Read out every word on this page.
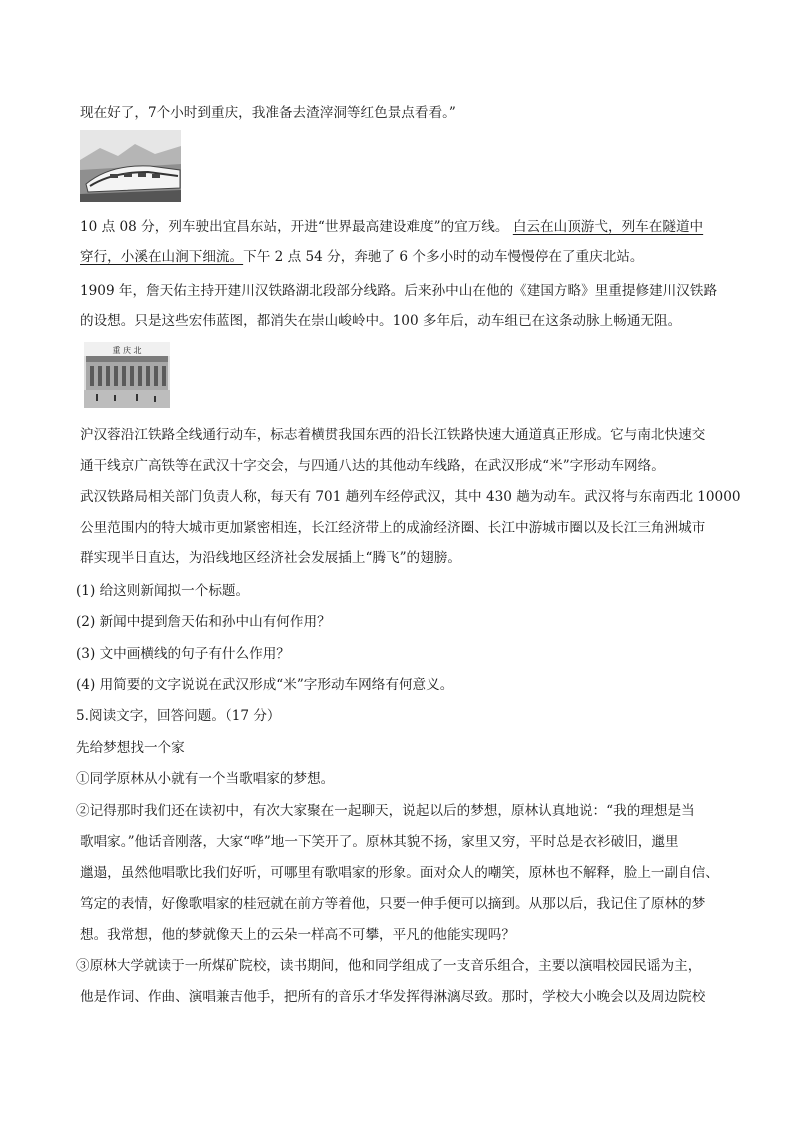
现在好了，7个小时到重庆，我准备去渣滓洞等红色景点看看。”
10 点 08 分，列车驶出宜昌东站，开进“世界最高建设难度”的宜万线。 白云在山顶游弋，列车在隧道中
穿行，小溪在山涧下细流。下午 2 点 54 分，奔驰了 6 个多小时的动车慢慢停在了重庆北站。
1909 年，詹天佑主持开建川汉铁路湖北段部分线路。后来孙中山在他的《建国方略》里重提修建川汉铁路
的设想。只是这些宏伟蓝图，都消失在崇山峻岭中。100 多年后，动车组已在这条动脉上畅通无阻。
重 庆 北
沪汉蓉沿江铁路全线通行动车，标志着横贯我国东西的沿长江铁路快速大通道真正形成。它与南北快速交
通干线京广高铁等在武汉十字交会，与四通八达的其他动车线路，在武汉形成“米”字形动车网络。
武汉铁路局相关部门负责人称，每天有 701 趟列车经停武汉，其中 430 趟为动车。武汉将与东南西北 10000
公里范围内的特大城市更加紧密相连，长江经济带上的成渝经济圈、长江中游城市圈以及长江三角洲城市
群实现半日直达，为沿线地区经济社会发展插上“腾飞”的翅膀。
(1) 给这则新闻拟一个标题。
(2) 新闻中提到詹天佑和孙中山有何作用？
(3) 文中画横线的句子有什么作用？
(4) 用简要的文字说说在武汉形成“米”字形动车网络有何意义。
5.阅读文字，回答问题。（17 分）
先给梦想找一个家
①同学原林从小就有一个当歌唱家的梦想。
②记得那时我们还在读初中，有次大家聚在一起聊天，说起以后的梦想，原林认真地说：“我的理想是当
歌唱家。”他话音刚落，大家“哗”地一下笑开了。原林其貌不扬，家里又穷，平时总是衣衫破旧，邋里
邋遢，虽然他唱歌比我们好听，可哪里有歌唱家的形象。面对众人的嘲笑，原林也不解释，脸上一副自信、
笃定的表情，好像歌唱家的桂冠就在前方等着他，只要一伸手便可以摘到。从那以后，我记住了原林的梦
想。我常想，他的梦就像天上的云朵一样高不可攀，平凡的他能实现吗？
③原林大学就读于一所煤矿院校，读书期间，他和同学组成了一支音乐组合，主要以演唱校园民谣为主，
他是作词、作曲、演唱兼吉他手，把所有的音乐才华发挥得淋漓尽致。那时，学校大小晚会以及周边院校
